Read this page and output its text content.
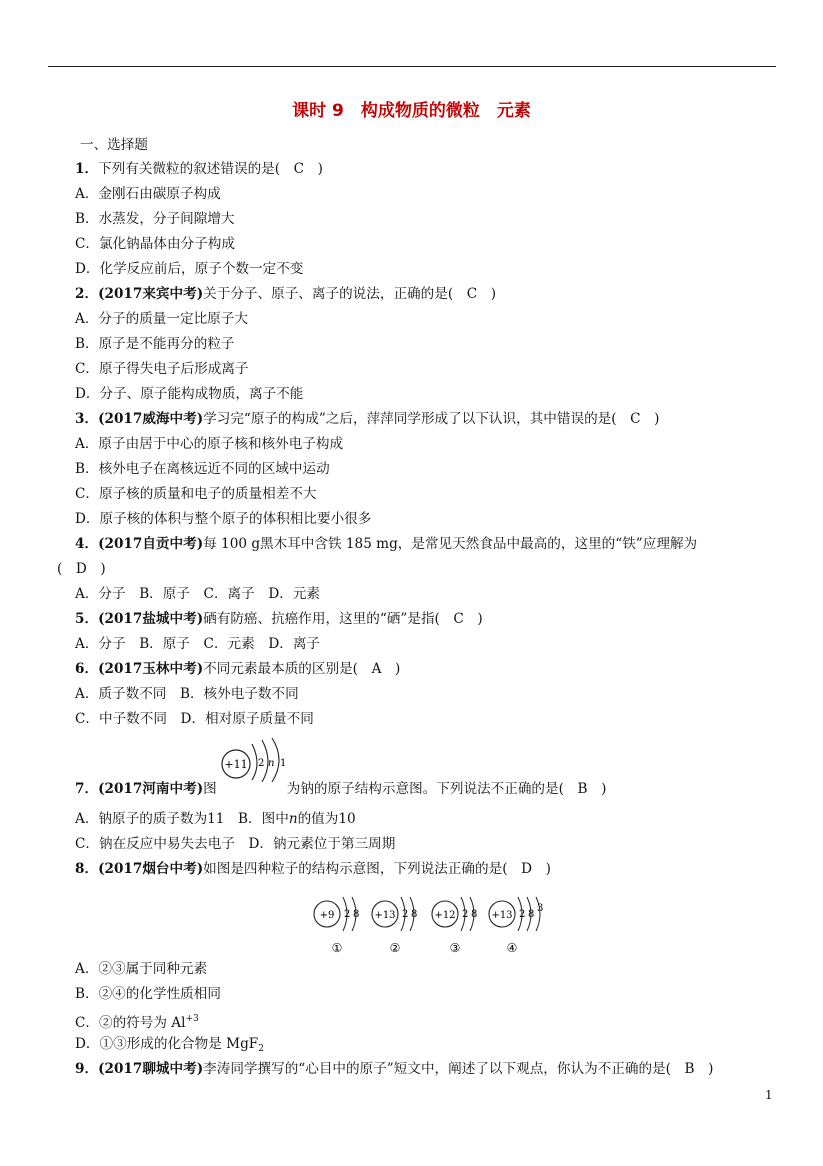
课时 9　构成物质的微粒　元素
一、选择题
1．下列有关微粒的叙述错误的是(　C　)
A．金刚石由碳原子构成
B．水蒸发，分子间隙增大
C．氯化钠晶体由分子构成
D．化学反应前后，原子个数一定不变
2．(2017来宾中考)关于分子、原子、离子的说法，正确的是(　C　)
A．分子的质量一定比原子大
B．原子是不能再分的粒子
C．原子得失电子后形成离子
D．分子、原子能构成物质，离子不能
3．(2017威海中考)学习完“原子的构成”之后，萍萍同学形成了以下认识，其中错误的是(　C　)
A．原子由居于中心的原子核和核外电子构成
B．核外电子在离核远近不同的区域中运动
C．原子核的质量和电子的质量相差不大
D．原子核的体积与整个原子的体积相比要小很多
4．(2017自贡中考)每 100 g黑木耳中含铁 185 mg，是常见天然食品中最高的，这里的“铁”应理解为
(　D　)
A．分子　B．原子　C．离子　D．元素
5．(2017盐城中考)硒有防癌、抗癌作用，这里的“硒”是指(　C　)
A．分子　B．原子　C．元素　D．离子
6．(2017玉林中考)不同元素最本质的区别是(　A　)
A．质子数不同　B．核外电子数不同
C．中子数不同　D．相对原子质量不同
7．(2017河南中考)图	为钠的原子结构示意图。下列说法不正确的是(　B　)
+11 2 n 1
A．钠原子的质子数为11　B．图中n的值为10
C．钠在反应中易失去电子　D．钠元素位于第三周期
8．(2017烟台中考)如图是四种粒子的结构示意图，下列说法正确的是(　D　)
+9 2 8
①
+13 2 8
②
+12 2 8
③
+13 2 8
3
④
A．②③属于同种元素
B．②④的化学性质相同
C．②的符号为 $Al^{+3}$
D．①③形成的化合物是 MgF$_2$
9．(2017聊城中考)李涛同学撰写的“心目中的原子”短文中，阐述了以下观点，你认为不正确的是(　B　)
1
